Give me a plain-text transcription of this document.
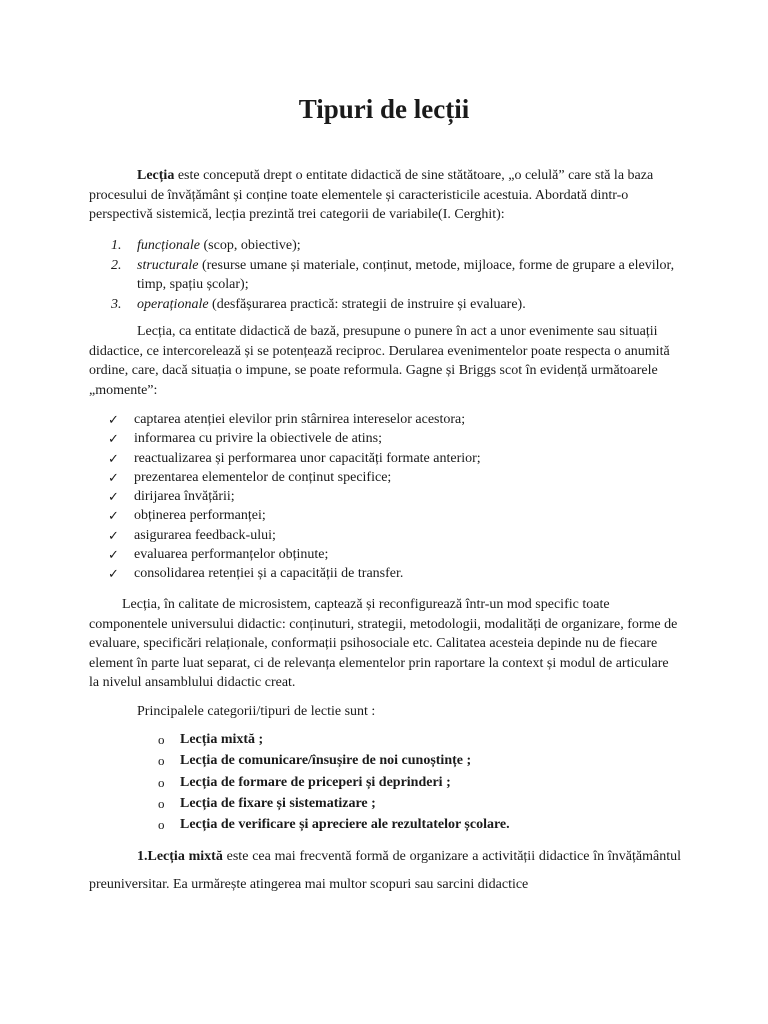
Tipuri de lecții

Lecția este concepută drept o entitate didactică de sine stătătoare, „o celulă” care stă la baza procesului de învățământ și conține toate elementele și caracteristicile acestuia. Abordată dintr-o perspectivă sistemică, lecția prezintă trei categorii de variabile(I. Cerghit):

1. funcționale (scop, obiective);
2. structurale (resurse umane și materiale, conținut, metode, mijloace, forme de grupare a elevilor, timp, spațiu școlar);
3. operaționale (desfășurarea practică: strategii de instruire și evaluare).

Lecția, ca entitate didactică de bază, presupune o punere în act a unor evenimente sau situații didactice, ce intercorelează și se potențează reciproc. Derularea evenimentelor poate respecta o anumită ordine, care, dacă situația o impune, se poate reformula. Gagne și Briggs scot în evidență următoarele „momente”:

✓ captarea atenției elevilor prin stârnirea intereselor acestora;
✓ informarea cu privire la obiectivele de atins;
✓ reactualizarea și performarea unor capacități formate anterior;
✓ prezentarea elementelor de conținut specifice;
✓ dirijarea învățării;
✓ obținerea performanței;
✓ asigurarea feedback-ului;
✓ evaluarea performanțelor obținute;
✓ consolidarea retenției și a capacității de transfer.

Lecția, în calitate de microsistem, captează și reconfigurează într-un mod specific toate componentele universului didactic: conținuturi, strategii, metodologii, modalități de organizare, forme de evaluare, specificări relaționale, conformații psihosociale etc. Calitatea acesteia depinde nu de fiecare element în parte luat separat, ci de relevanța elementelor prin raportare la context și modul de articulare la nivelul ansamblului didactic creat.

Principalele categorii/tipuri de lectie sunt :

o Lecția mixtă ;
o Lecția de comunicare/însușire de noi cunoștințe ;
o Lecția de formare de priceperi și deprinderi ;
o Lecția de fixare și sistematizare ;
o Lecția de verificare și apreciere ale rezultatelor școlare.

1.Lecția mixtă este cea mai frecventă formă de organizare a activității didactice în învățământul preuniversitar. Ea urmărește atingerea mai multor scopuri sau sarcini didactice
